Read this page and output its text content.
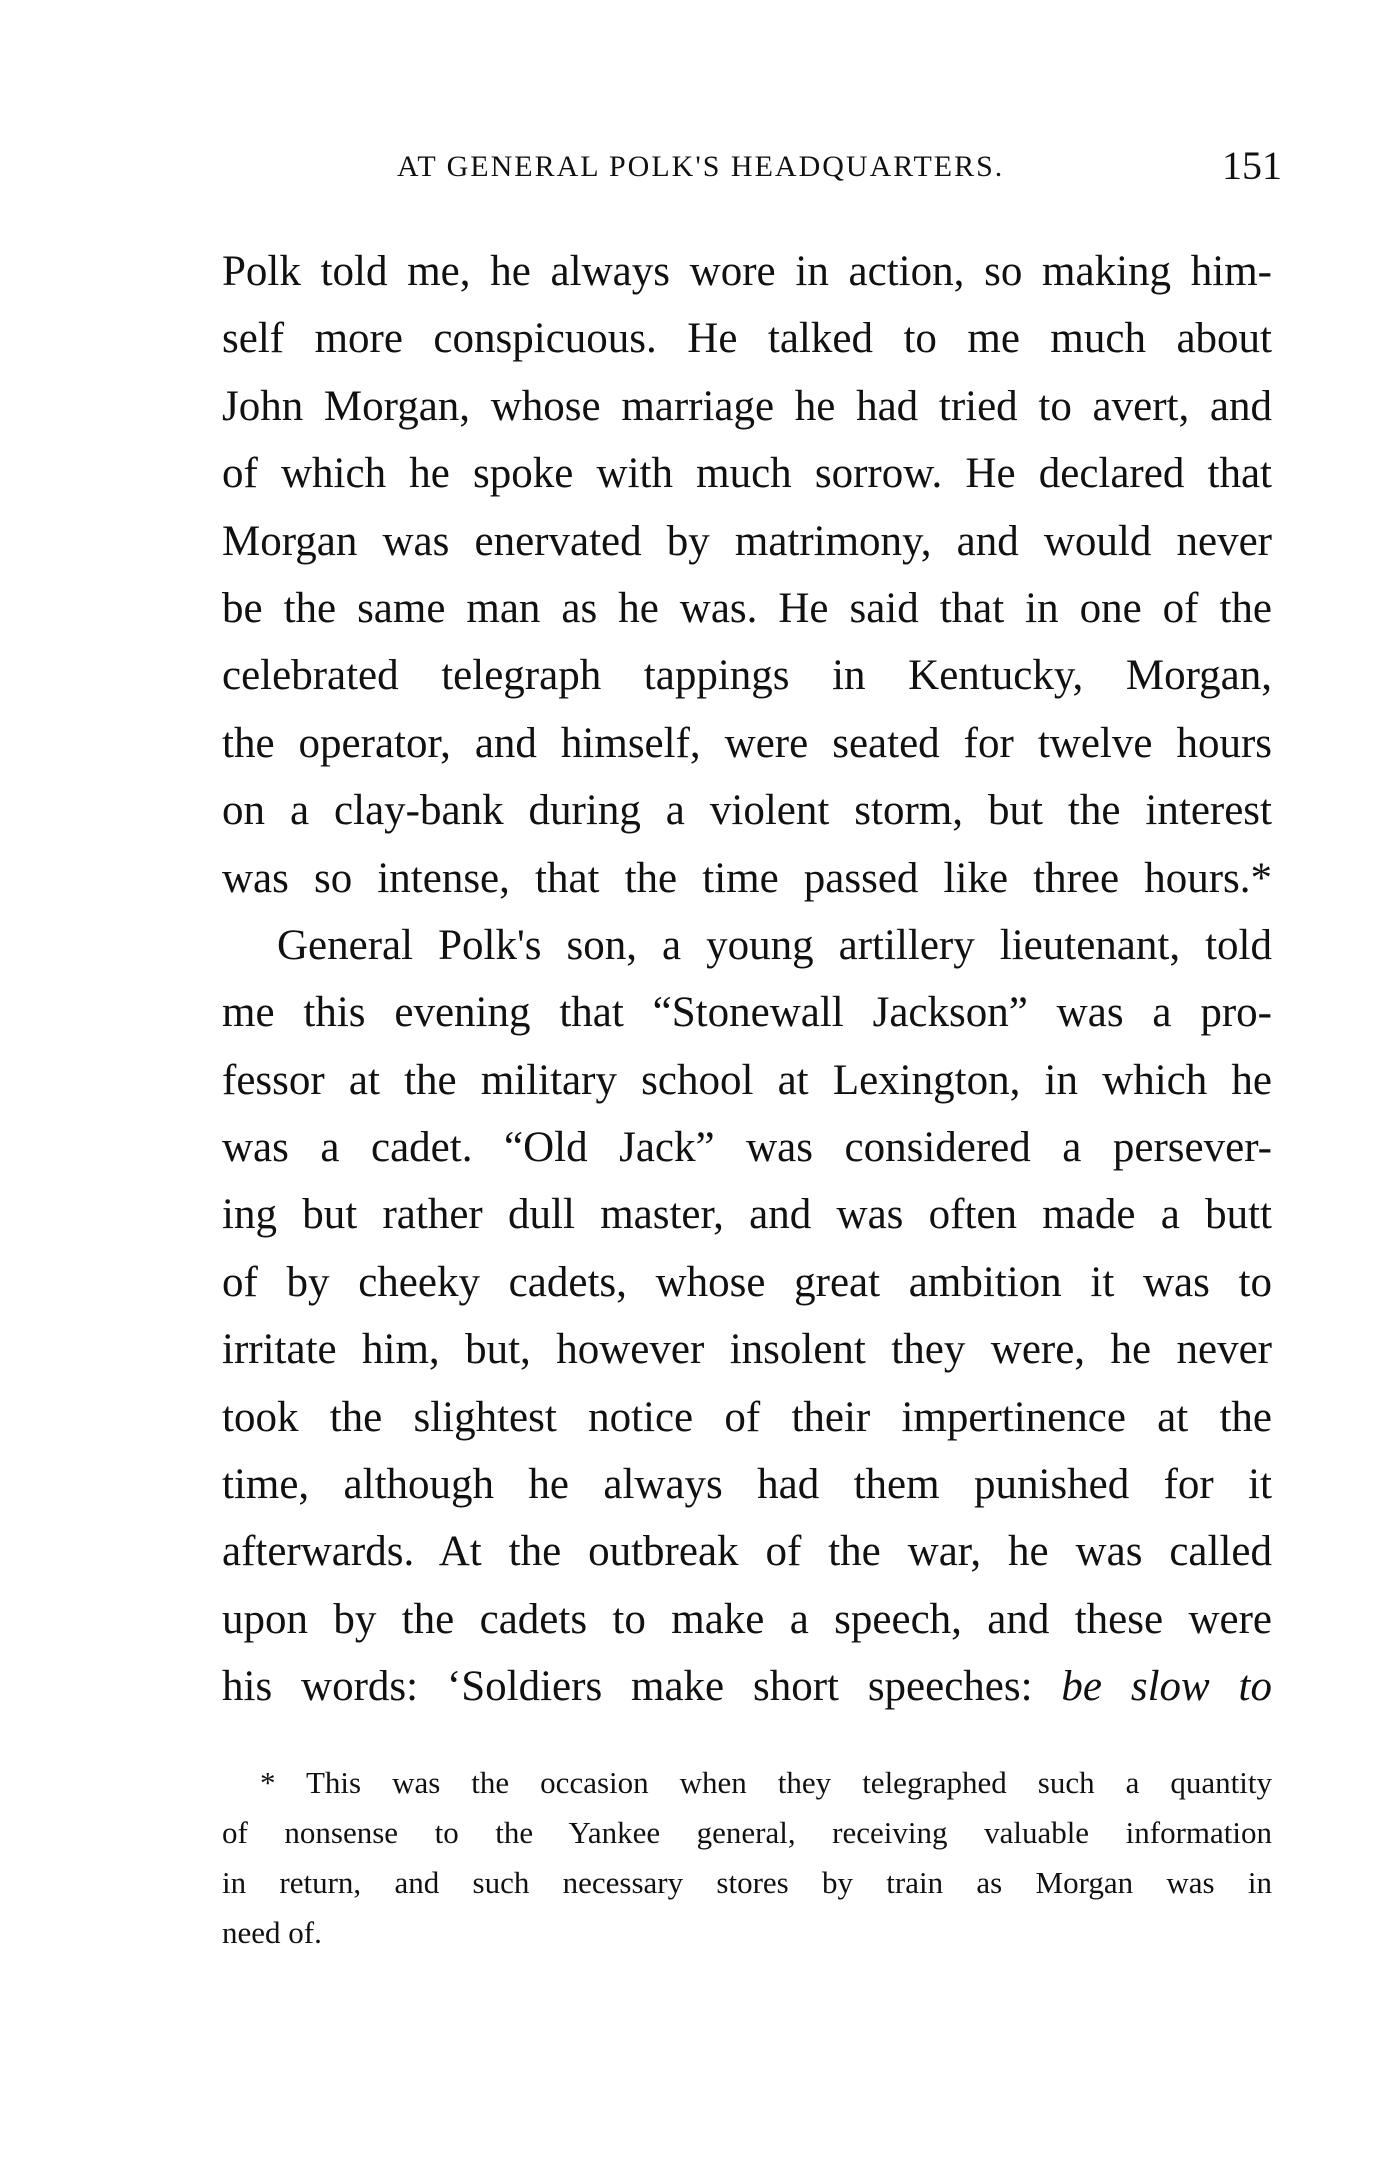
AT GENERAL POLK'S HEADQUARTERS.	151
Polk told me, he always wore in action, so making him-
self more conspicuous. He talked to me much about
John Morgan, whose marriage he had tried to avert, and
of which he spoke with much sorrow. He declared that
Morgan was enervated by matrimony, and would never
be the same man as he was. He said that in one of the
celebrated telegraph tappings in Kentucky, Morgan,
the operator, and himself, were seated for twelve hours
on a clay-bank during a violent storm, but the interest
was so intense, that the time passed like three hours.*
General Polk's son, a young artillery lieutenant, told
me this evening that “Stonewall Jackson” was a pro-
fessor at the military school at Lexington, in which he
was a cadet. “Old Jack” was considered a persever-
ing but rather dull master, and was often made a butt
of by cheeky cadets, whose great ambition it was to
irritate him, but, however insolent they were, he never
took the slightest notice of their impertinence at the
time, although he always had them punished for it
afterwards. At the outbreak of the war, he was called
upon by the cadets to make a speech, and these were
his words: ‘Soldiers make short speeches: be slow to
* This was the occasion when they telegraphed such a quantity
of nonsense to the Yankee general, receiving valuable information
in return, and such necessary stores by train as Morgan was in
need of.
